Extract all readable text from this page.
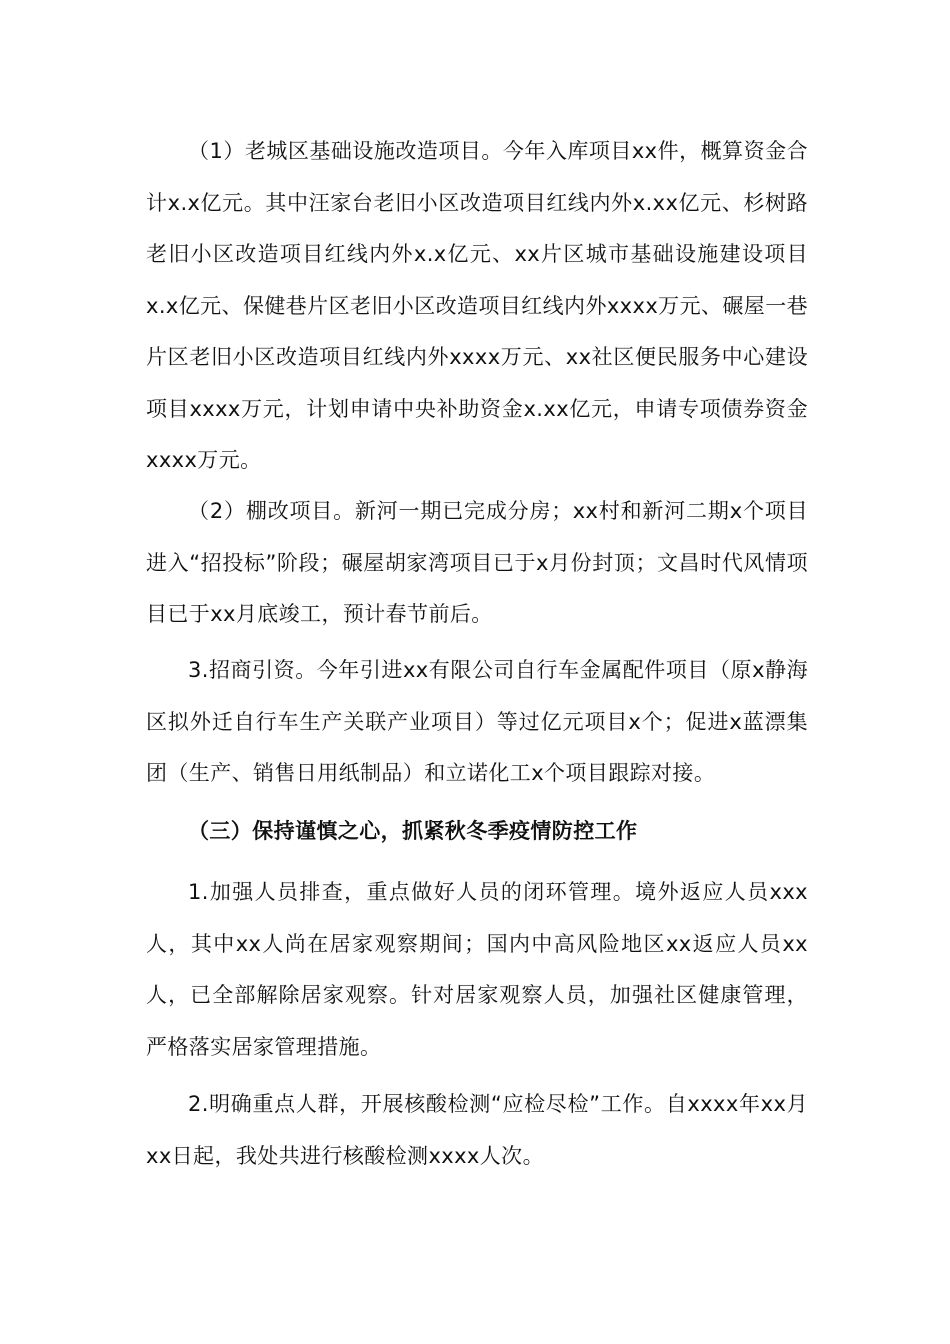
（1）老城区基础设施改造项目。今年入库项目xx件，概算资金合计x.x亿元。其中汪家台老旧小区改造项目红线内外x.xx亿元、杉树路老旧小区改造项目红线内外x.x亿元、xx片区城市基础设施建设项目x.x亿元、保健巷片区老旧小区改造项目红线内外xxxx万元、碾屋一巷片区老旧小区改造项目红线内外xxxx万元、xx社区便民服务中心建设项目xxxx万元，计划申请中央补助资金x.xx亿元，申请专项债券资金xxxx万元。

（2）棚改项目。新河一期已完成分房；xx村和新河二期x个项目进入“招投标”阶段；碾屋胡家湾项目已于x月份封顶；文昌时代风情项目已于xx月底竣工，预计春节前后。

3.招商引资。今年引进xx有限公司自行车金属配件项目（原x静海区拟外迁自行车生产关联产业项目）等过亿元项目x个；促进x蓝漂集团（生产、销售日用纸制品）和立诺化工x个项目跟踪对接。

（三）保持谨慎之心，抓紧秋冬季疫情防控工作

1.加强人员排查，重点做好人员的闭环管理。境外返应人员xxx人，其中xx人尚在居家观察期间；国内中高风险地区xx返应人员xx人，已全部解除居家观察。针对居家观察人员，加强社区健康管理，严格落实居家管理措施。

2.明确重点人群，开展核酸检测“应检尽检”工作。自xxxx年xx月xx日起，我处共进行核酸检测xxxx人次。
